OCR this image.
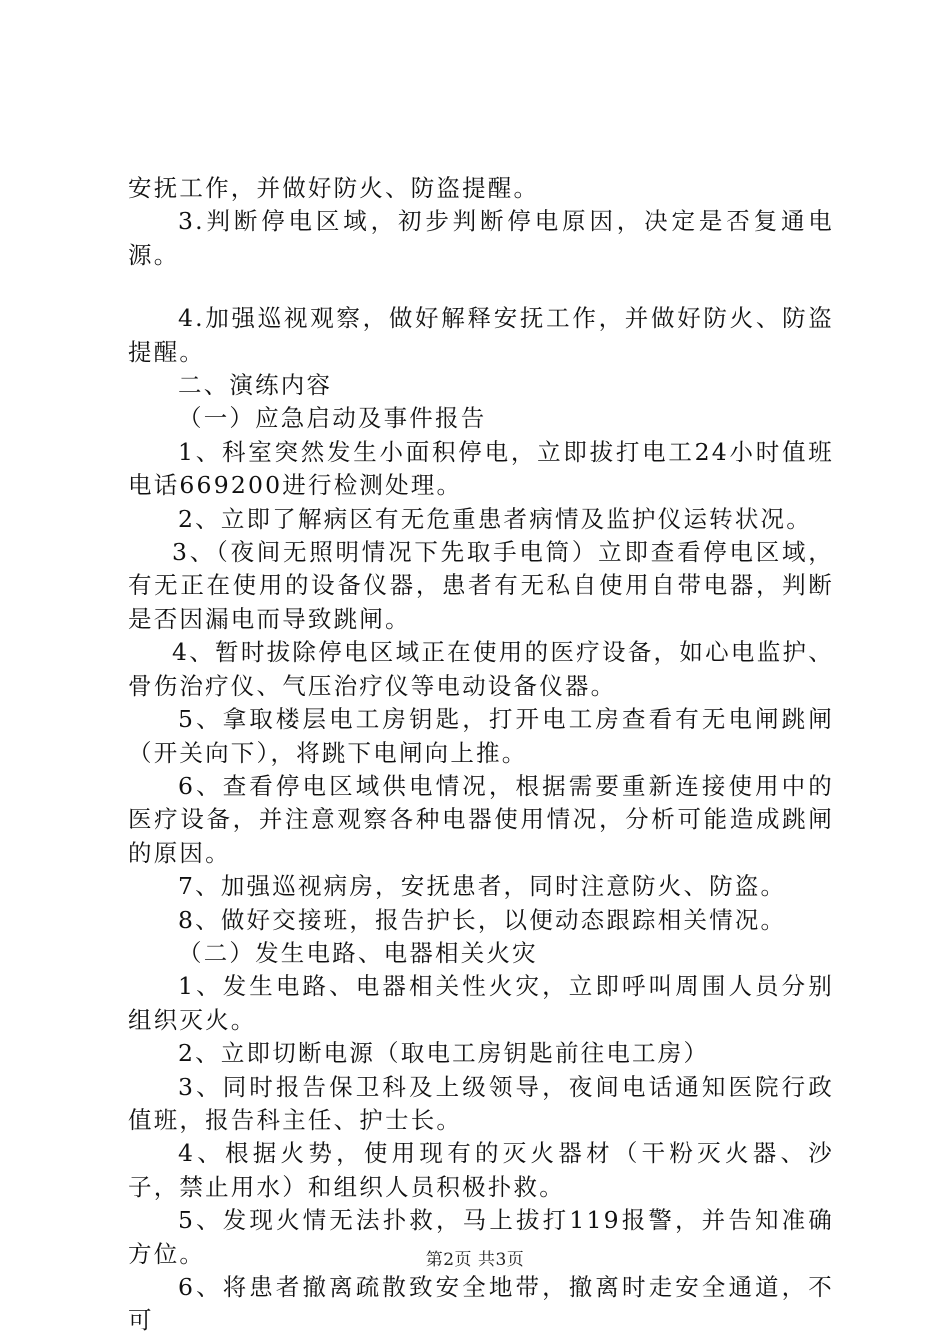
安抚工作，并做好防火、防盗提醒。

3.判断停电区域，初步判断停电原因，决定是否复通电源。

4.加强巡视观察，做好解释安抚工作，并做好防火、防盗提醒。

二、演练内容

（一）应急启动及事件报告

1、科室突然发生小面积停电，立即拔打电工24小时值班电话669200进行检测处理。

2、立即了解病区有无危重患者病情及监护仪运转状况。

3、（夜间无照明情况下先取手电筒）立即查看停电区域，有无正在使用的设备仪器，患者有无私自使用自带电器，判断是否因漏电而导致跳闸。

4、暂时拔除停电区域正在使用的医疗设备，如心电监护、骨伤治疗仪、气压治疗仪等电动设备仪器。

5、拿取楼层电工房钥匙，打开电工房查看有无电闸跳闸（开关向下），将跳下电闸向上推。

6、查看停电区域供电情况，根据需要重新连接使用中的医疗设备，并注意观察各种电器使用情况，分析可能造成跳闸的原因。

7、加强巡视病房，安抚患者，同时注意防火、防盗。

8、做好交接班，报告护长，以便动态跟踪相关情况。

（二）发生电路、电器相关火灾

1、发生电路、电器相关性火灾，立即呼叫周围人员分别组织灭火。

2、立即切断电源（取电工房钥匙前往电工房）

3、同时报告保卫科及上级领导，夜间电话通知医院行政值班，报告科主任、护士长。

4、根据火势，使用现有的灭火器材（干粉灭火器、沙子，禁止用水）和组织人员积极扑救。

5、发现火情无法扑救，马上拔打119报警，并告知准确方位。

6、将患者撤离疏散致安全地带，撤离时走安全通道，不可

第2页 共3页
